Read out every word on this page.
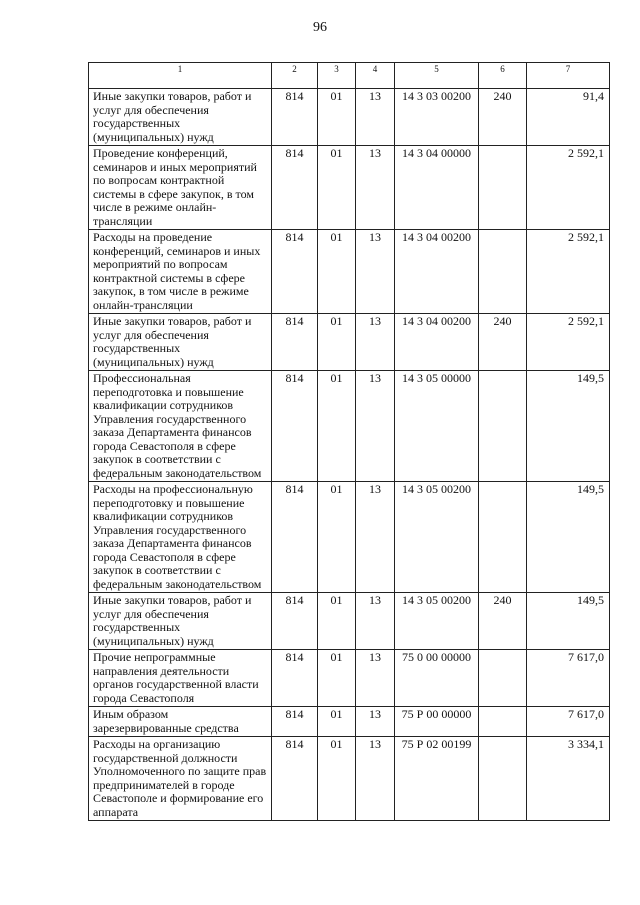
96
1	2	3	4	5	6	7
Иные закупки товаров, работ и услуг для обеспечения государственных (муниципальных) нужд	814	01	13	14 3 03 00200	240	91,4
Проведение конференций, семинаров и иных мероприятий по вопросам контрактной системы в сфере закупок, в том числе в режиме онлайн-трансляции	814	01	13	14 3 04 00000		2 592,1
Расходы на проведение конференций, семинаров и иных мероприятий по вопросам контрактной системы в сфере закупок, в том числе в режиме онлайн-трансляции	814	01	13	14 3 04 00200		2 592,1
Иные закупки товаров, работ и услуг для обеспечения государственных (муниципальных) нужд	814	01	13	14 3 04 00200	240	2 592,1
Профессиональная переподготовка и повышение квалификации сотрудников Управления государственного заказа Департамента финансов города Севастополя в сфере закупок в соответствии с федеральным законодательством	814	01	13	14 3 05 00000		149,5
Расходы на профессиональную переподготовку и повышение квалификации сотрудников Управления государственного заказа Департамента финансов города Севастополя в сфере закупок в соответствии с федеральным законодательством	814	01	13	14 3 05 00200		149,5
Иные закупки товаров, работ и услуг для обеспечения государственных (муниципальных) нужд	814	01	13	14 3 05 00200	240	149,5
Прочие непрограммные направления деятельности органов государственной власти города Севастополя	814	01	13	75 0 00 00000		7 617,0
Иным образом зарезервированные средства	814	01	13	75 Р 00 00000		7 617,0
Расходы на организацию государственной должности Уполномоченного по защите прав предпринимателей в городе Севастополе и формирование его аппарата	814	01	13	75 Р 02 00199		3 334,1
